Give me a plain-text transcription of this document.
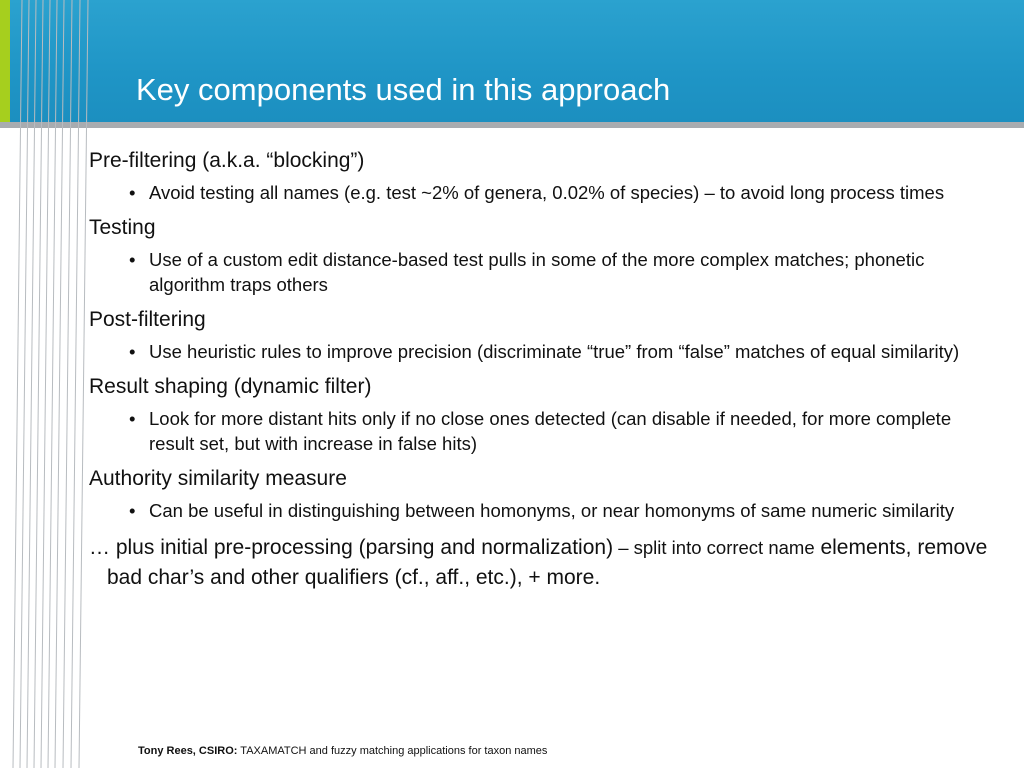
Key components used in this approach
Pre-filtering (a.k.a. “blocking”)
• Avoid testing all names (e.g. test ~2% of genera, 0.02% of species) – to avoid long process times
Testing
• Use of a custom edit distance-based test pulls in some of the more complex matches; phonetic algorithm traps others
Post-filtering
• Use heuristic rules to improve precision (discriminate “true” from “false” matches of equal similarity)
Result shaping (dynamic filter)
• Look for more distant hits only if no close ones detected (can disable if needed, for more complete result set, but with increase in false hits)
Authority similarity measure
• Can be useful in distinguishing between homonyms, or near homonyms of same numeric similarity
… plus initial pre-processing (parsing and normalization) – split into correct name elements, remove bad char’s and other qualifiers (cf., aff., etc.), + more.
Tony Rees, CSIRO: TAXAMATCH and fuzzy matching applications for taxon names
